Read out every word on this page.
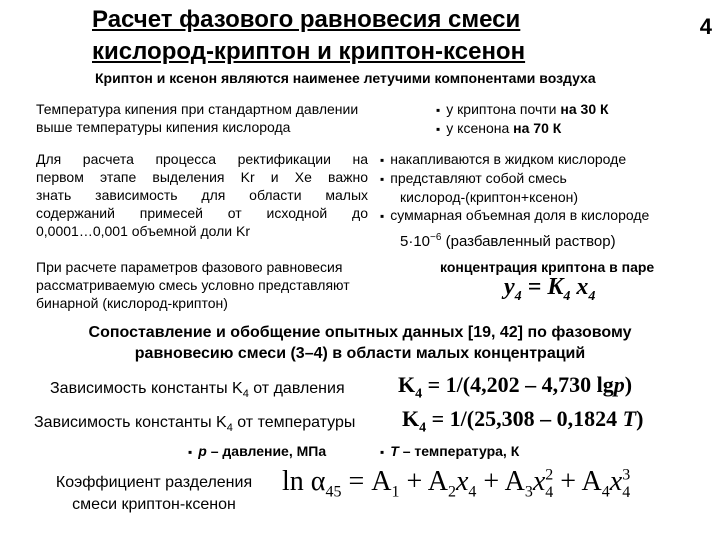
Расчет фазового равновесия смеси
кислород-криптон и криптон-ксенон
4
Криптон и ксенон являются наименее летучими компонентами воздуха
Температура кипения при стандартном давлении
выше температуры кипения кислорода
▪ у криптона почти на 30 К
▪ у ксенона на 70 К
Для расчета процесса ректификации на
первом этапе выделения Kr и Xe важно
знать зависимость для области малых
содержаний примесей от исходной до
0,0001…0,001 объемной доли Kr
▪ накапливаются в жидком кислороде
▪ представляют собой смесь
кислород-(криптон+ксенон)
▪ суммарная объемная доля в кислороде
$5\cdot 10^{-6}$ (разбавленный раствор)
При расчете параметров фазового равновесия
рассматриваемую смесь условно представляют
бинарной (кислород-криптон)
концентрация криптона в паре
$y_4 = K_4$ $x_4$
Сопоставление и обобщение опытных данных [19, 42] по фазовому
равновесию смеси (3–4) в области малых концентраций
Зависимость константы $K_4$ от давления $K_4 = 1/(4,202 - 4,730$ lgp)
Зависимость константы $K_4$ от температуры $K_4 = 1/(25,308 - 0,1824$ T)
▪ p – давление, МПа
▪	T – температура, К
Коэффициент разделения
смеси криптон-ксенон
$\ln \alpha_{45} = A_1 + A_2x_4 + A_3x^2_4 + A_4x^3_4$
